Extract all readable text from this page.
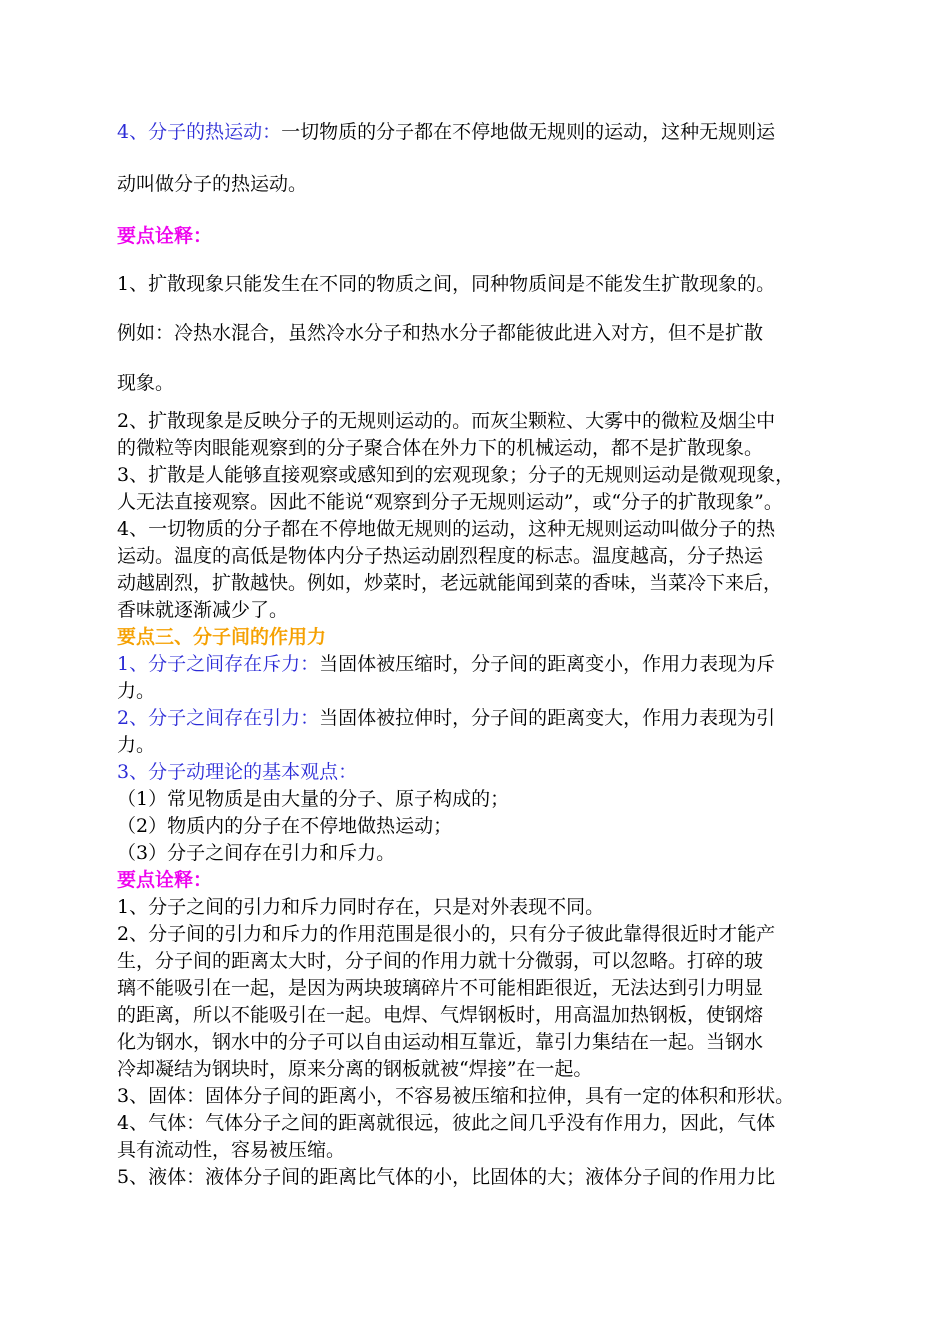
4、分子的热运动：一切物质的分子都在不停地做无规则的运动，这种无规则运
动叫做分子的热运动。
要点诠释：
1、扩散现象只能发生在不同的物质之间，同种物质间是不能发生扩散现象的。
例如：冷热水混合，虽然冷水分子和热水分子都能彼此进入对方，但不是扩散
现象。
2、扩散现象是反映分子的无规则运动的。而灰尘颗粒、大雾中的微粒及烟尘中
的微粒等肉眼能观察到的分子聚合体在外力下的机械运动，都不是扩散现象。
3、扩散是人能够直接观察或感知到的宏观现象；分子的无规则运动是微观现象，
人无法直接观察。因此不能说“观察到分子无规则运动”，或“分子的扩散现象”。
4、一切物质的分子都在不停地做无规则的运动，这种无规则运动叫做分子的热
运动。温度的高低是物体内分子热运动剧烈程度的标志。温度越高，分子热运
动越剧烈，扩散越快。例如，炒菜时，老远就能闻到菜的香味，当菜冷下来后，
香味就逐渐减少了。
要点三、分子间的作用力
1、分子之间存在斥力：当固体被压缩时，分子间的距离变小，作用力表现为斥
力。
2、分子之间存在引力：当固体被拉伸时，分子间的距离变大，作用力表现为引
力。
3、分子动理论的基本观点：
（1）常见物质是由大量的分子、原子构成的；
（2）物质内的分子在不停地做热运动；
（3）分子之间存在引力和斥力。
要点诠释：
1、分子之间的引力和斥力同时存在，只是对外表现不同。
2、分子间的引力和斥力的作用范围是很小的，只有分子彼此靠得很近时才能产
生，分子间的距离太大时，分子间的作用力就十分微弱，可以忽略。打碎的玻
璃不能吸引在一起，是因为两块玻璃碎片不可能相距很近，无法达到引力明显
的距离，所以不能吸引在一起。电焊、气焊钢板时，用高温加热钢板，使钢熔
化为钢水，钢水中的分子可以自由运动相互靠近，靠引力集结在一起。当钢水
冷却凝结为钢块时，原来分离的钢板就被“焊接”在一起。
3、固体：固体分子间的距离小，不容易被压缩和拉伸，具有一定的体积和形状。
4、气体：气体分子之间的距离就很远，彼此之间几乎没有作用力，因此，气体
具有流动性，容易被压缩。
5、液体：液体分子间的距离比气体的小，比固体的大；液体分子间的作用力比
